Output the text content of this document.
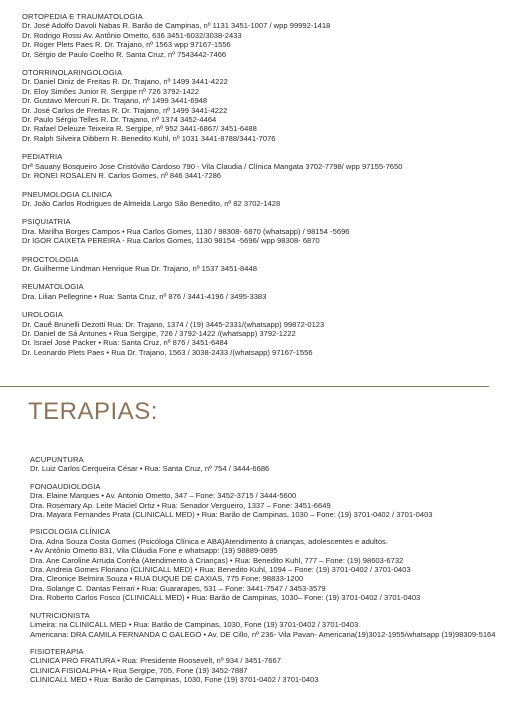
ORTOPEDIA E TRAUMATOLOGIA
Dr. José Adolfo Davoli Nabas R. Barão de Campinas, nº 1131 3451-1007 / wpp 99992-1418
Dr. Rodrigo Rossi Av. Antônio Ometto, 636 3451-6032/3038-2433
Dr. Roger Plets Paes R. Dr. Trajano, nº 1563 wpp 97167-1556
Dr. Sérgio de Paulo Coelho R. Santa Cruz, nº 7543442-7466
OTORRINOLARINGOLOGIA
Dr. Daniel Diniz de Freitas R. Dr. Trajano, nº 1499 3441-4222
Dr. Eloy Simões Junior R. Sergipe nº 726 3792-1422
Dr. Gustavo Mercuri R. Dr. Trajano, nº 1499 3441-6948
Dr. José Carlos de Freitas R. Dr. Trajano, nº 1499 3441-4222
Dr. Paulo Sérgio Telles R. Dr. Trajano, nº 1374 3452-4464
Dr. Rafael Deleuze Teixeira R. Sergipe, nº 952 3441-6867/ 3451-6488
Dr. Ralph Silveira Dibbern R. Benedito Kuhl, nº 1031 3441-8788/3441-7076
PEDIATRIA
Drª Sauany Bosqueiro Jose Cristóvão Cardoso 790 - Vila Claudia / Clínica Mangata 3702-7798/ wpp 97155-7650
Dr. RONEI ROSALEN R. Carlos Gomes, nº 846 3441-7286
PNEUMOLOGIA CLINICA
Dr. João Carlos Rodrigues de Almeida Largo São Benedito, nº 82 3702-1428
PSIQUIATRIA
Dra. Marilha Borges Campos • Rua Carlos Gomes, 1130 / 98308- 6870 (whatsapp) / 98154 -5696
Dr IGOR CAIXETA PEREIRA - Rua Carlos Gomes, 1130 98154 -5696/ wpp 98308- 6870
PROCTOLOGIA
Dr. Guilherme Lindman Henrique Rua Dr. Trajano, nº 1537 3451-8448
REUMATOLOGIA
Dra. Lilian Pellegrine • Rua: Santa Cruz, nº 876 / 3441-4196 / 3495-3383
UROLOGIA
Dr. Cauê Brunelli Dezotti Rua: Dr. Trajano, 1374 / (19) 3445-2331/(whatsapp) 99872-0123
Dr. Daniel de Sá Antunes • Rua Sergipe, 726 / 3792-1422 /(whatsapp) 3792-1222
Dr. Israel José Packer • Rua: Santa Cruz, nº 876 / 3451-6484
Dr. Leonardo Plets Paes • Rua Dr. Trajano, 1563 / 3038-2433 /(whatsapp) 97167-1556
TERAPIAS:
ACUPUNTURA
Dr. Luiz Carlos Cerqueira César • Rua: Santa Cruz, nº 754 / 3444-6686
FONOAUDIOLOGIA
Dra. Elaine Marques • Av. Antonio Ometto, 347 – Fone: 3452-3715 / 3444-5600
Dra. Rosemary Ap. Leite Maciel Ortiz • Rua: Senador Vergueiro, 1337 – Fone: 3451-6649
Dra. Mayara Fernandes Prata (CLINICALL MED) • Rua: Barão de Campinas, 1030 – Fone: (19) 3701-0402 / 3701-0403
PSICOLOGIA CLÍNICA
Dra. Adna Souza Costa Gomes (Psicóloga Clínica e ABA)Atendimento à crianças, adolescentes e adultos.
• Av Antônio Ometto 831, Vila Cláudia Fone e whatsapp: (19) 98889-0895
Dra. Ane Caroline Arruda Corrêa (Atendimento à Crianças) • Rua: Benedito Kuhl, 777 – Fone: (19) 98603-6732
Dra. Andreia Gomes Floriano (CLINICALL MED) • Rua: Benedito Kuhl, 1094 – Fone: (19) 3701-0402 / 3701-0403
Dra. Cleonice Belmira Souza • RUA DUQUE DE CAXIAS, 775 Fone: 98833-1200
Dra. Solange C. Dantas Ferrari • Rua: Guararapes, 531 – Fone: 3441-7547 / 3453-3579
Dra. Roberto Carlos Fosco (CLINICALL MED) • Rua: Barão de Campinas, 1030– Fone: (19) 3701-0402 / 3701-0403
NUTRICIONISTA
Limeira: na CLINICALL MED • Rua: Barão de Campinas, 1030, Fone (19) 3701-0402 / 3701-0403
Americana: DRA CAMILA FERNANDA C GALEGO • Av. DE Cillo, nº 236- Vila Pavan- Americana(19)3012-1955/whatsapp (19)98309-5164
FISIOTERAPIA
CLINICA PRÓ FRATURA • Rua: Presidente Roosevelt, nº 934 / 3451-7667
CLINICA FISIOALPHA • Rua Sergipe, 705, Fone (19) 3452-7887
CLINICALL MED • Rua: Barão de Campinas, 1030, Fone (19) 3701-0402 / 3701-0403
